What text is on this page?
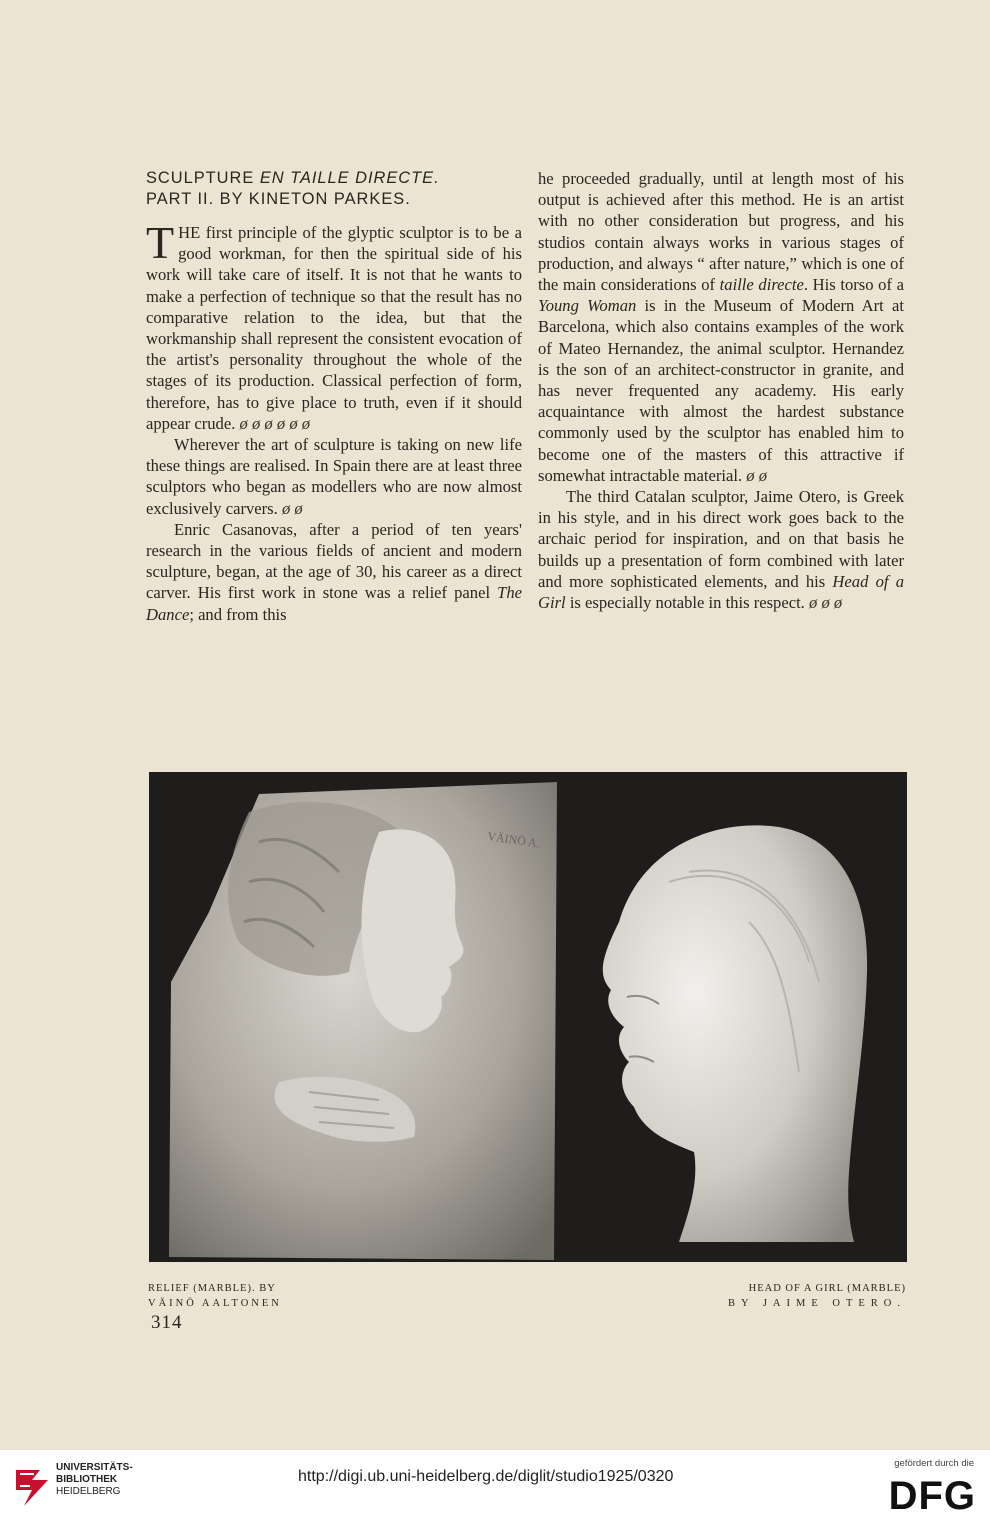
SCULPTURE EN TAILLE DIRECTE.
PART II. BY KINETON PARKES.

THE first principle of the glyptic sculptor is to be a good workman, for then the spiritual side of his work will take care of itself. It is not that he wants to make a perfection of technique so that the result has no comparative relation to the idea, but that the workmanship shall represent the consistent evocation of the artist's personality throughout the whole of the stages of its production. Classical perfection of form, therefore, has to give place to truth, even if it should appear crude. ø ø ø ø ø ø

Wherever the art of sculpture is taking on new life these things are realised. In Spain there are at least three sculptors who began as modellers who are now almost exclusively carvers. ø ø

Enric Casanovas, after a period of ten years' research in the various fields of ancient and modern sculpture, began, at the age of 30, his career as a direct carver. His first work in stone was a relief panel The Dance; and from this

he proceeded gradually, until at length most of his output is achieved after this method. He is an artist with no other consideration but progress, and his studios contain always works in various stages of production, and always “ after nature,” which is one of the main considerations of taille directe. His torso of a Young Woman is in the Museum of Modern Art at Barcelona, which also contains examples of the work of Mateo Hernandez, the animal sculptor. Hernandez is the son of an architect-constructor in granite, and has never frequented any academy. His early acquaintance with almost the hardest substance commonly used by the sculptor has enabled him to become one of the masters of this attractive if somewhat intractable material. ø ø

The third Catalan sculptor, Jaime Otero, is Greek in his style, and in his direct work goes back to the archaic period for inspiration, and on that basis he builds up a presentation of form combined with later and more sophisticated elements, and his Head of a Girl is especially notable in this respect. ø ø ø

VÄINÖ A.
RELIEF (MARBLE). BY
VÄINÖ AALTONEN
HEAD OF A GIRL (MARBLE)
BY JAIME OTERO.
314
UNIVERSITÄTS-
BIBLIOTHEK
HEIDELBERG
http://digi.ub.uni-heidelberg.de/diglit/studio1925/0320
gefördert durch die
DFG
